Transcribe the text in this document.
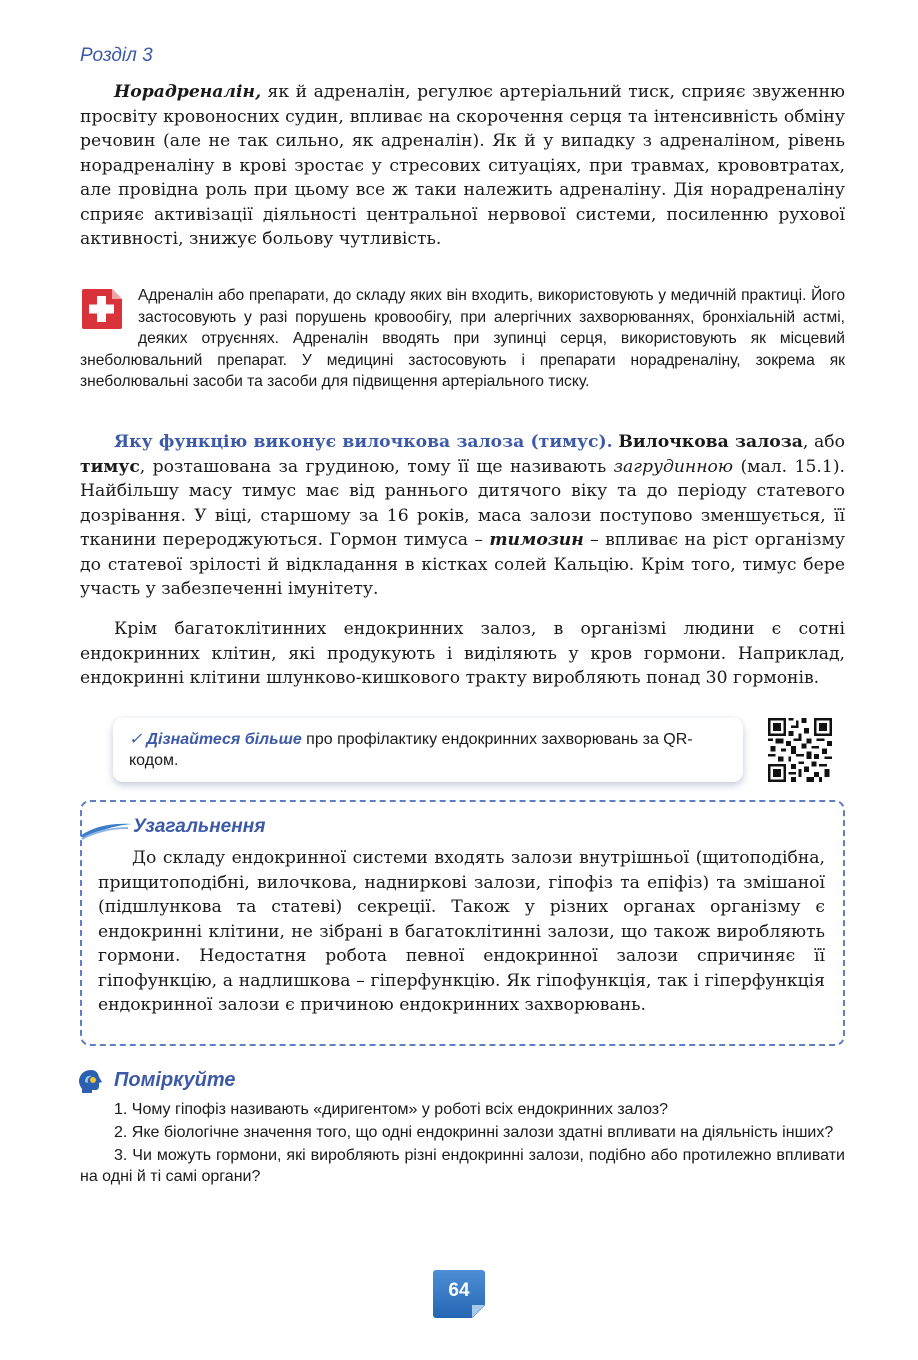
Розділ 3

Норадреналін, як й адреналін, регулює артеріальний тиск, сприяє звуженню просвіту кровоносних судин, впливає на скорочення серця та інтенсивність обміну речовин (але не так сильно, як адреналін). Як й у випадку з адреналіном, рівень норадреналіну в крові зростає у стресових ситуаціях, при травмах, крововтратах, але провідна роль при цьому все ж таки належить адреналіну. Дія норадреналіну сприяє активізації діяльності центральної нервової системи, посиленню рухової активності, знижує больову чутливість.

Адреналін або препарати, до складу яких він входить, використовують у медичній практиці. Його застосовують у разі порушень кровообігу, при алергічних захворюваннях, бронхіальній астмі, деяких отруєннях. Адреналін вводять при зупинці серця, використовують як місцевий знеболювальний препарат. У медицині застосовують і препарати норадреналіну, зокрема як знеболювальні засоби та засоби для підвищення артеріального тиску.

Яку функцію виконує вилочкова залоза (тимус). Вилочкова залоза, або тимус, розташована за грудиною, тому її ще називають загрудинною (мал. 15.1). Найбільшу масу тимус має від раннього дитячого віку та до періоду статевого дозрівання. У віці, старшому за 16 років, маса залози поступово зменшується, її тканини перероджуються. Гормон тимуса – тимозин – впливає на ріст організму до статевої зрілості й відкладання в кістках солей Кальцію. Крім того, тимус бере участь у забезпеченні імунітету.

Крім багатоклітинних ендокринних залоз, в організмі людини є сотні ендокринних клітин, які продукують і виділяють у кров гормони. Наприклад, ендокринні клітини шлунково-кишкового тракту виробляють понад 30 гормонів.

✓ Дізнайтеся більше про профілактику ендокринних захворювань за QR-кодом.
Узагальнення

До складу ендокринної системи входять залози внутрішньої (щитоподібна, прищитоподібні, вилочкова, надниркові залози, гіпофіз та епіфіз) та змішаної (підшлункова та статеві) секреції. Також у різних органах організму є ендокринні клітини, не зібрані в багатоклітинні залози, що також виробляють гормони. Недостатня робота певної ендокринної залози спричиняє її гіпофункцію, а надлишкова – гіперфункцію. Як гіпофункція, так і гіперфункція ендокринної залози є причиною ендокринних захворювань.

Поміркуйте

1. Чому гіпофіз називають «диригентом» у роботі всіх ендокринних залоз?

2. Яке біологічне значення того, що одні ендокринні залози здатні впливати на діяльність інших?

3. Чи можуть гормони, які виробляють різні ендокринні залози, подібно або протилежно впливати на одні й ті самі органи?

64
